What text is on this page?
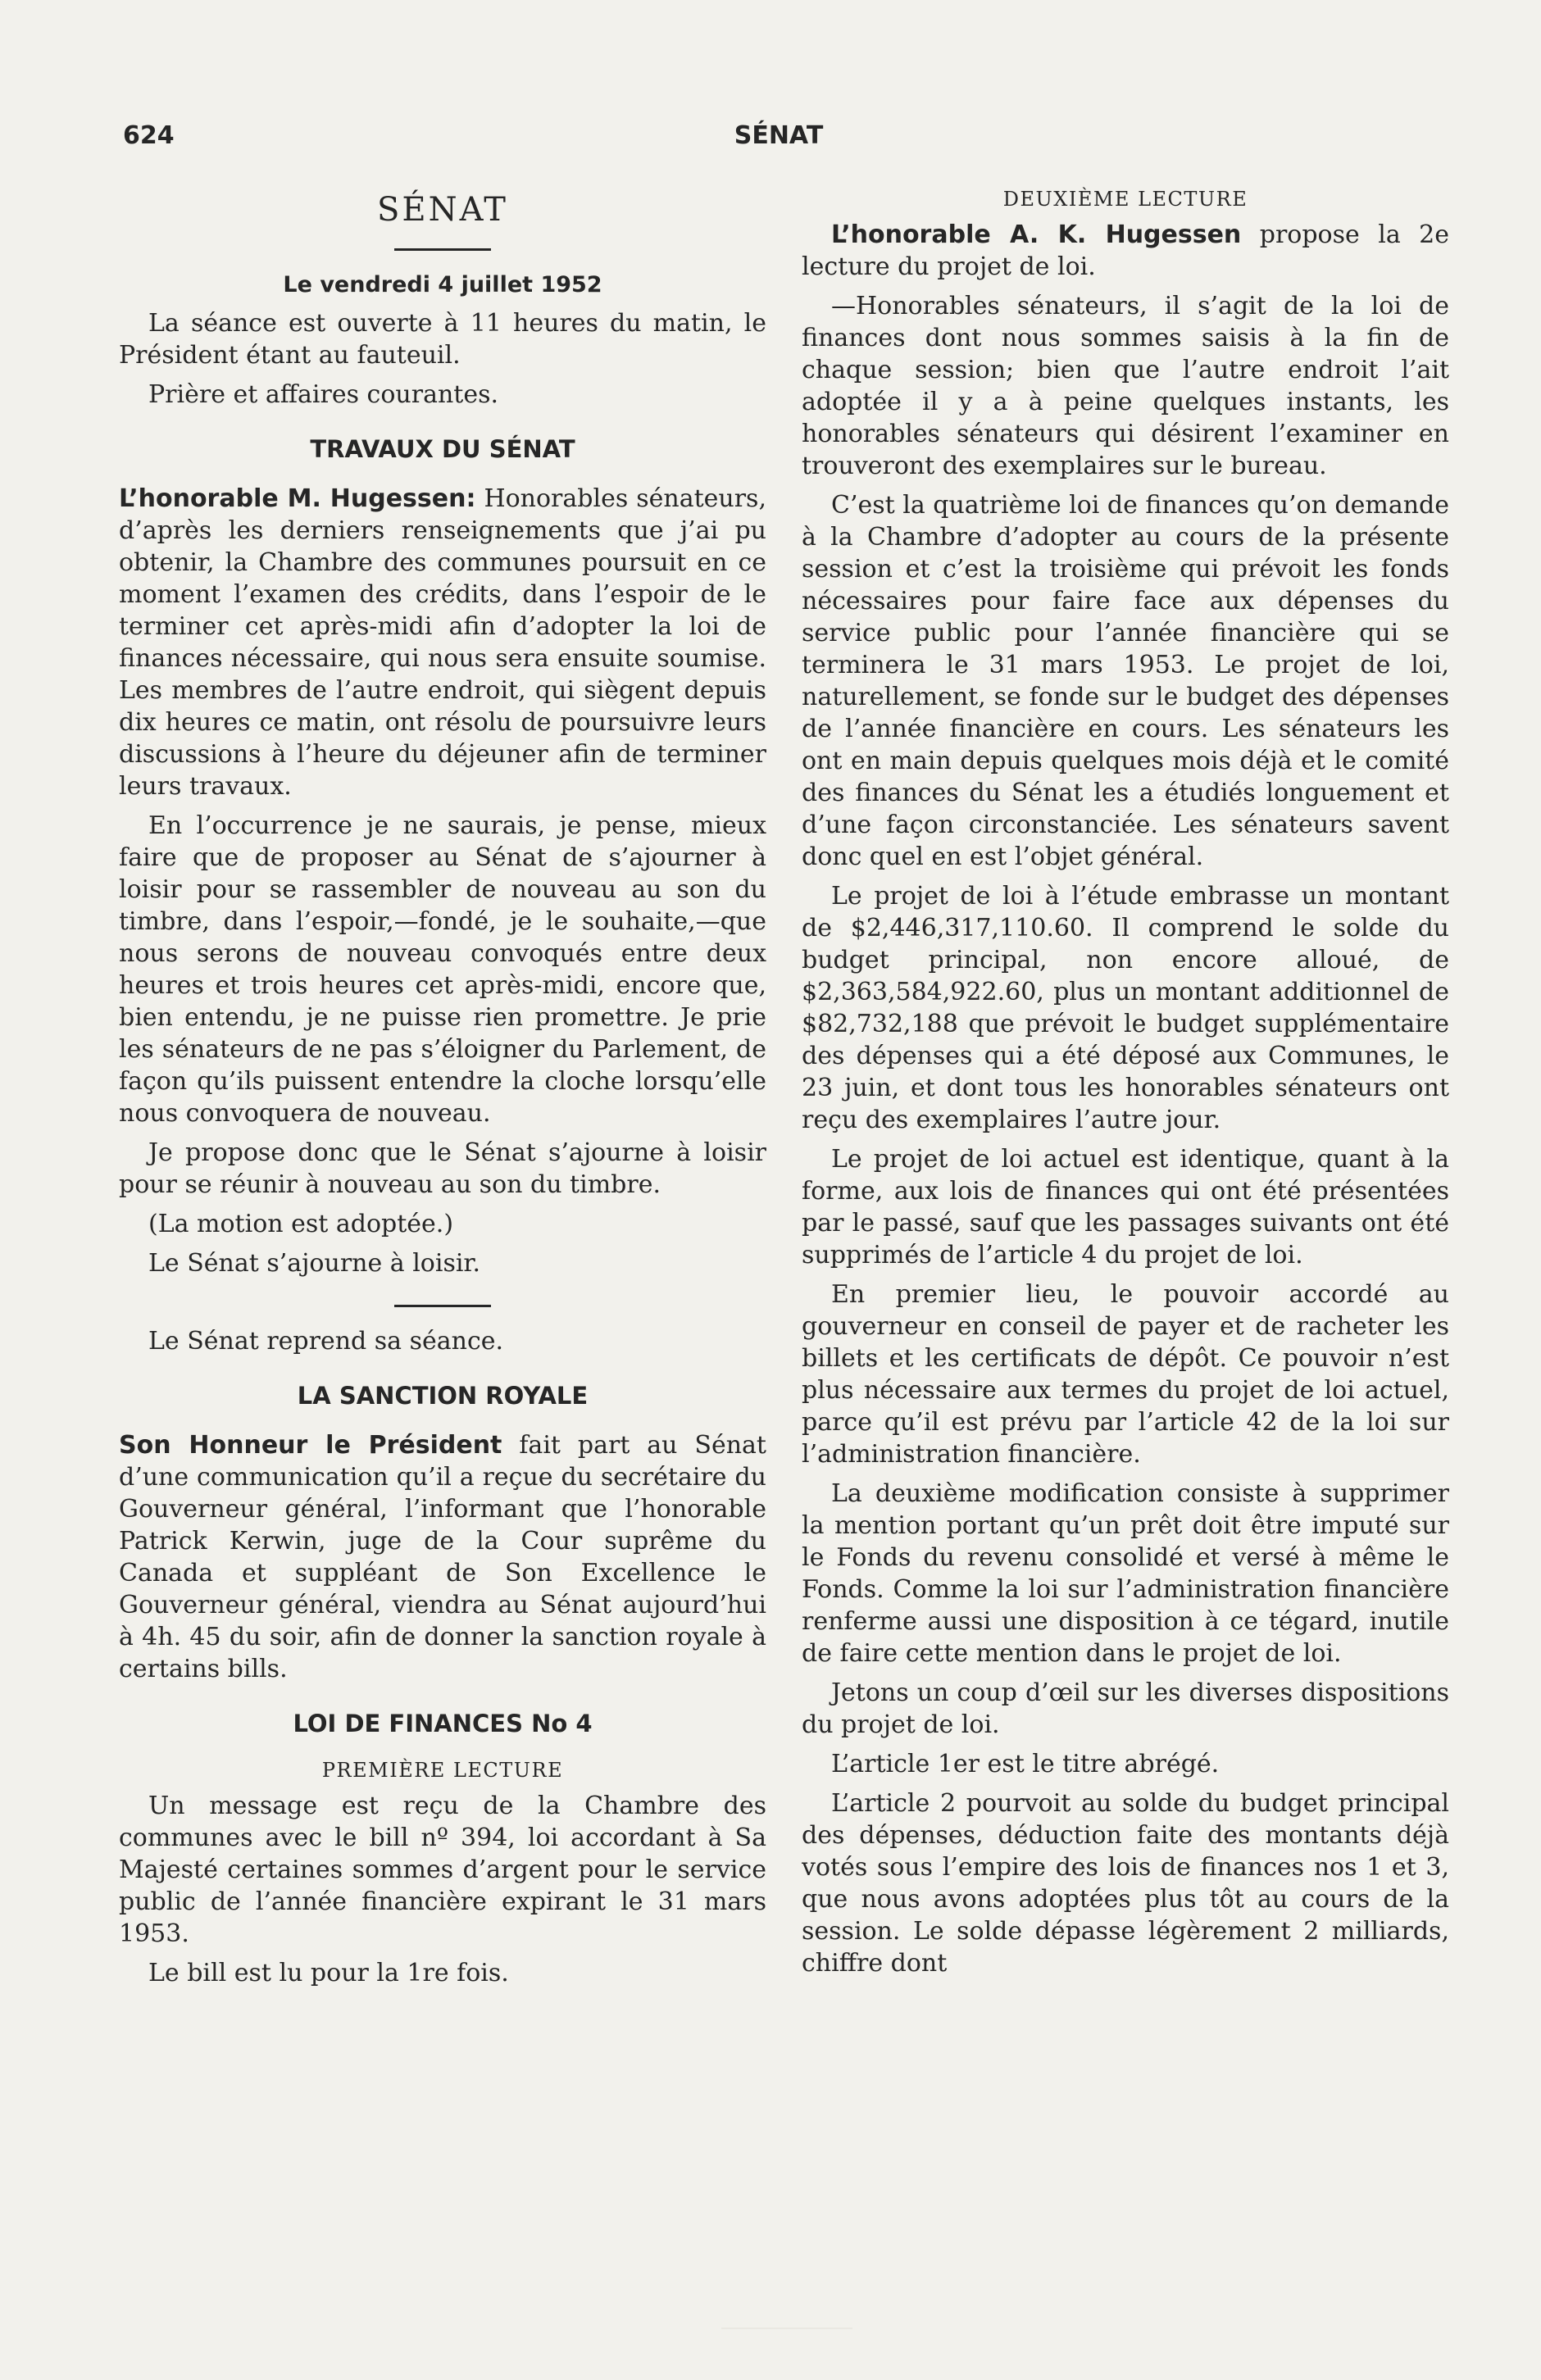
624	SÉNAT
SÉNAT
Le vendredi 4 juillet 1952

La séance est ouverte à 11 heures du matin, le Président étant au fauteuil.

Prière et affaires courantes.

TRAVAUX DU SÉNAT

L’honorable M. Hugessen: Honorables sénateurs, d’après les derniers renseignements que j’ai pu obtenir, la Chambre des communes poursuit en ce moment l’examen des crédits, dans l’espoir de le terminer cet après-midi afin d’adopter la loi de finances nécessaire, qui nous sera ensuite soumise. Les membres de l’autre endroit, qui siègent depuis dix heures ce matin, ont résolu de poursuivre leurs discussions à l’heure du déjeuner afin de terminer leurs travaux.

En l’occurrence je ne saurais, je pense, mieux faire que de proposer au Sénat de s’ajourner à loisir pour se rassembler de nouveau au son du timbre, dans l’espoir,—fondé, je le souhaite,—que nous serons de nouveau convoqués entre deux heures et trois heures cet après-midi, encore que, bien entendu, je ne puisse rien promettre. Je prie les sénateurs de ne pas s’éloigner du Parlement, de façon qu’ils puissent entendre la cloche lorsqu’elle nous convoquera de nouveau.

Je propose donc que le Sénat s’ajourne à loisir pour se réunir à nouveau au son du timbre.

(La motion est adoptée.)

Le Sénat s’ajourne à loisir.

Le Sénat reprend sa séance.

LA SANCTION ROYALE

Son Honneur le Président fait part au Sénat d’une communication qu’il a reçue du secrétaire du Gouverneur général, l’informant que l’honorable Patrick Kerwin, juge de la Cour suprême du Canada et suppléant de Son Excellence le Gouverneur général, viendra au Sénat aujourd’hui à 4h. 45 du soir, afin de donner la sanction royale à certains bills.

LOI DE FINANCES No 4
PREMIÈRE LECTURE

Un message est reçu de la Chambre des communes avec le bill nº 394, loi accordant à Sa Majesté certaines sommes d’argent pour le service public de l’année financière expirant le 31 mars 1953.

Le bill est lu pour la 1re fois.

DEUXIÈME LECTURE

L’honorable A. K. Hugessen propose la 2e lecture du projet de loi.

—Honorables sénateurs, il s’agit de la loi de finances dont nous sommes saisis à la fin de chaque session; bien que l’autre endroit l’ait adoptée il y a à peine quelques instants, les honorables sénateurs qui désirent l’examiner en trouveront des exemplaires sur le bureau.

C’est la quatrième loi de finances qu’on demande à la Chambre d’adopter au cours de la présente session et c’est la troisième qui prévoit les fonds nécessaires pour faire face aux dépenses du service public pour l’année financière qui se terminera le 31 mars 1953. Le projet de loi, naturellement, se fonde sur le budget des dépenses de l’année financière en cours. Les sénateurs les ont en main depuis quelques mois déjà et le comité des finances du Sénat les a étudiés longuement et d’une façon circonstanciée. Les sénateurs savent donc quel en est l’objet général.

Le projet de loi à l’étude embrasse un montant de $2,446,317,110.60. Il comprend le solde du budget principal, non encore alloué, de $2,363,584,922.60, plus un montant additionnel de $82,732,188 que prévoit le budget supplémentaire des dépenses qui a été déposé aux Communes, le 23 juin, et dont tous les honorables sénateurs ont reçu des exemplaires l’autre jour.

Le projet de loi actuel est identique, quant à la forme, aux lois de finances qui ont été présentées par le passé, sauf que les passages suivants ont été supprimés de l’article 4 du projet de loi.

En premier lieu, le pouvoir accordé au gouverneur en conseil de payer et de racheter les billets et les certificats de dépôt. Ce pouvoir n’est plus nécessaire aux termes du projet de loi actuel, parce qu’il est prévu par l’article 42 de la loi sur l’administration financière.

La deuxième modification consiste à supprimer la mention portant qu’un prêt doit être imputé sur le Fonds du revenu consolidé et versé à même le Fonds. Comme la loi sur l’administration financière renferme aussi une disposition à ce tégard, inutile de faire cette mention dans le projet de loi.

Jetons un coup d’œil sur les diverses dispositions du projet de loi.

L’article 1er est le titre abrégé.

L’article 2 pourvoit au solde du budget principal des dépenses, déduction faite des montants déjà votés sous l’empire des lois de finances nos 1 et 3, que nous avons adoptées plus tôt au cours de la session. Le solde dépasse légèrement 2 milliards, chiffre dont
